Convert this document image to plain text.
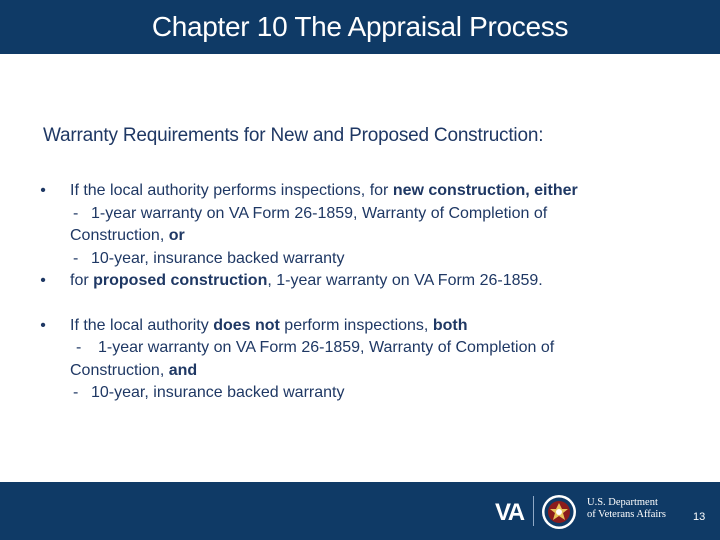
Chapter 10 The Appraisal Process
Warranty Requirements for New and Proposed Construction:
•	If the local authority performs inspections, for new construction, either
- 1-year warranty on VA Form 26-1859, Warranty of Completion of
Construction, or
- 10-year, insurance backed warranty
•	for proposed construction, 1-year warranty on VA Form 26-1859.
•	If the local authority does not perform inspections, both
- 1-year warranty on VA Form 26-1859, Warranty of Completion of
Construction, and
- 10-year, insurance backed warranty
VA	U.S. Department
of Veterans Affairs 13
